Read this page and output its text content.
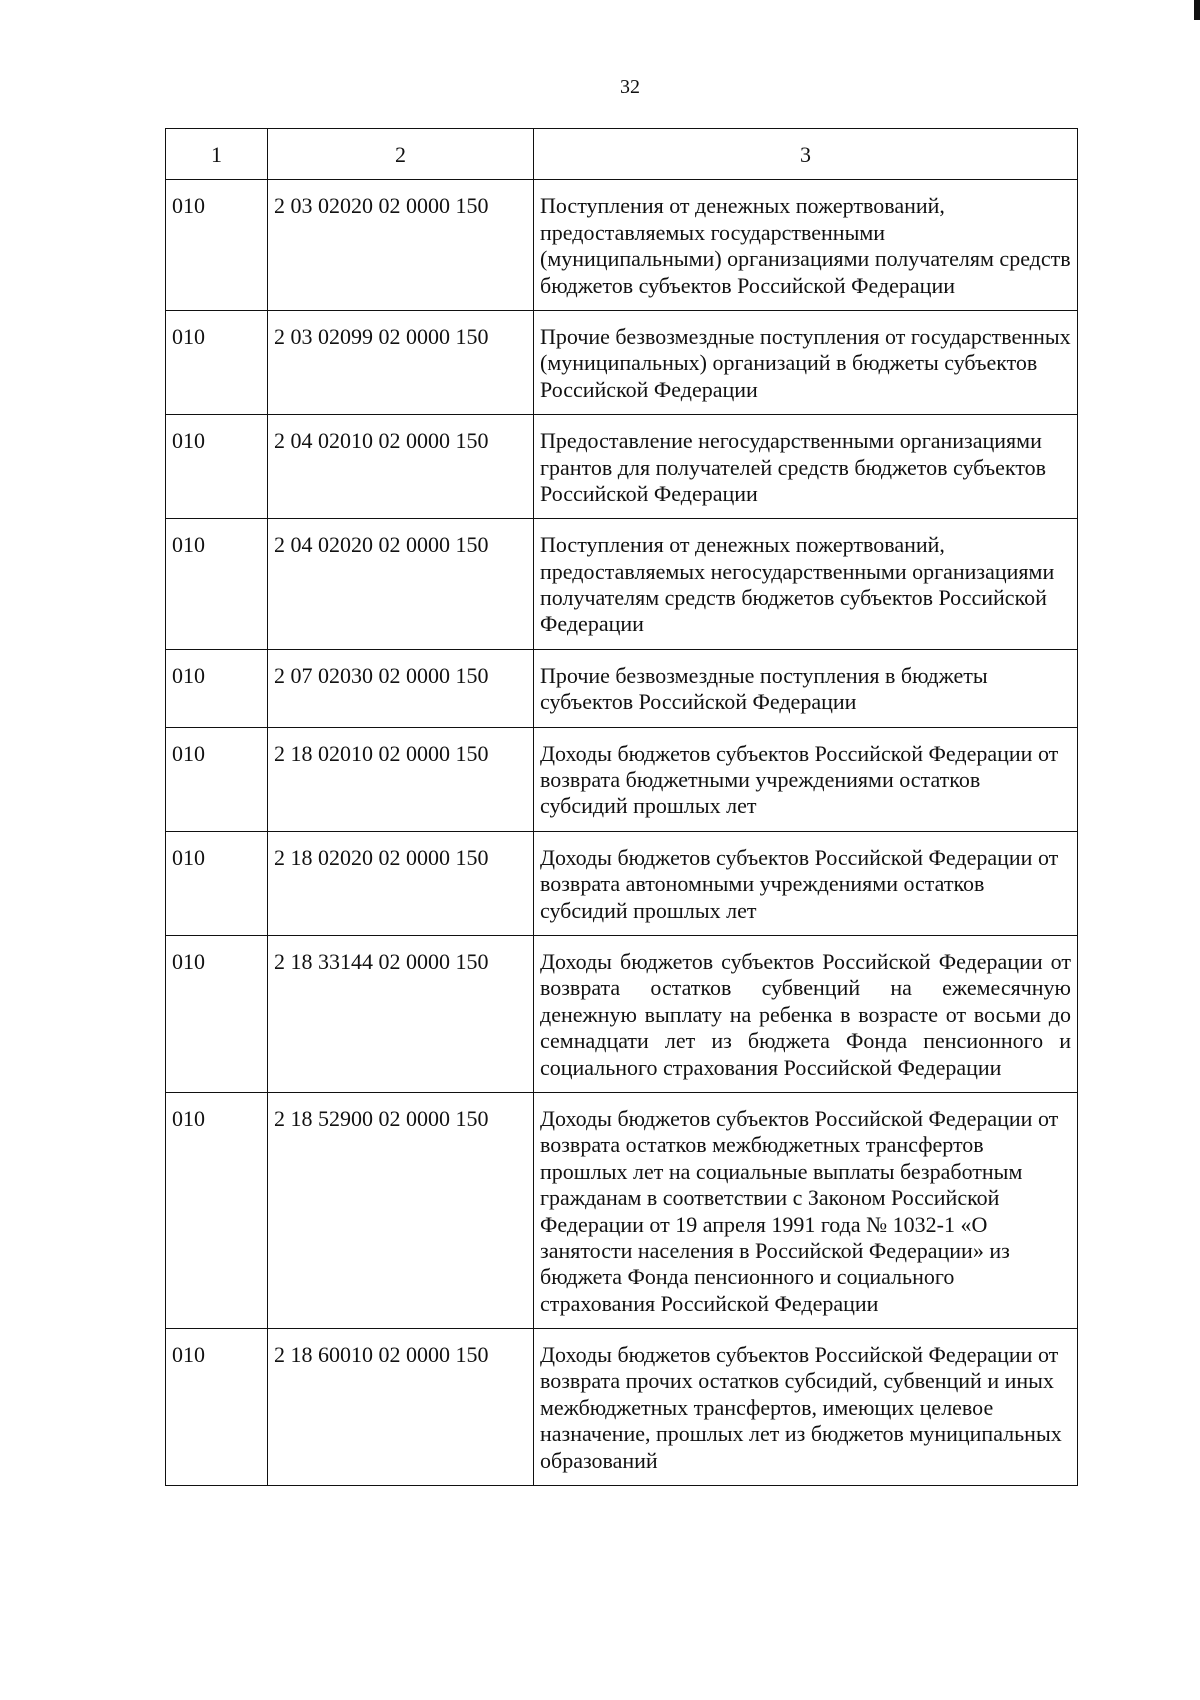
32
1	2	3
010	2 03 02020 02 0000 150	Поступления от денежных пожертвований, предоставляемых государственными (муниципальными) организациями получателям средств бюджетов субъектов Российской Федерации
010	2 03 02099 02 0000 150	Прочие безвозмездные поступления от государственных (муниципальных) организаций в бюджеты субъектов Российской Федерации
010	2 04 02010 02 0000 150	Предоставление негосударственными организациями грантов для получателей средств бюджетов субъектов Российской Федерации
010	2 04 02020 02 0000 150	Поступления от денежных пожертвований, предоставляемых негосударственными организациями получателям средств бюджетов субъектов Российской Федерации
010	2 07 02030 02 0000 150	Прочие безвозмездные поступления в бюджеты субъектов Российской Федерации
010	2 18 02010 02 0000 150	Доходы бюджетов субъектов Российской Федерации от возврата бюджетными учреждениями остатков субсидий прошлых лет
010	2 18 02020 02 0000 150	Доходы бюджетов субъектов Российской Федерации от возврата автономными учреждениями остатков субсидий прошлых лет
010	2 18 33144 02 0000 150	Доходы бюджетов субъектов Российской Федерации от возврата остатков субвенций на ежемесячную денежную выплату на ребенка в возрасте от восьми до семнадцати лет из бюджета Фонда пенсионного и социального страхования Российской Федерации
010	2 18 52900 02 0000 150	Доходы бюджетов субъектов Российской Федерации от возврата остатков межбюджетных трансфертов прошлых лет на социальные выплаты безработным гражданам в соответствии с Законом Российской Федерации от 19 апреля 1991 года № 1032-1 «О занятости населения в Российской Федерации» из бюджета Фонда пенсионного и социального страхования Российской Федерации
010	2 18 60010 02 0000 150	Доходы бюджетов субъектов Российской Федерации от возврата прочих остатков субсидий, субвенций и иных межбюджетных трансфертов, имеющих целевое назначение, прошлых лет из бюджетов муниципальных образований
